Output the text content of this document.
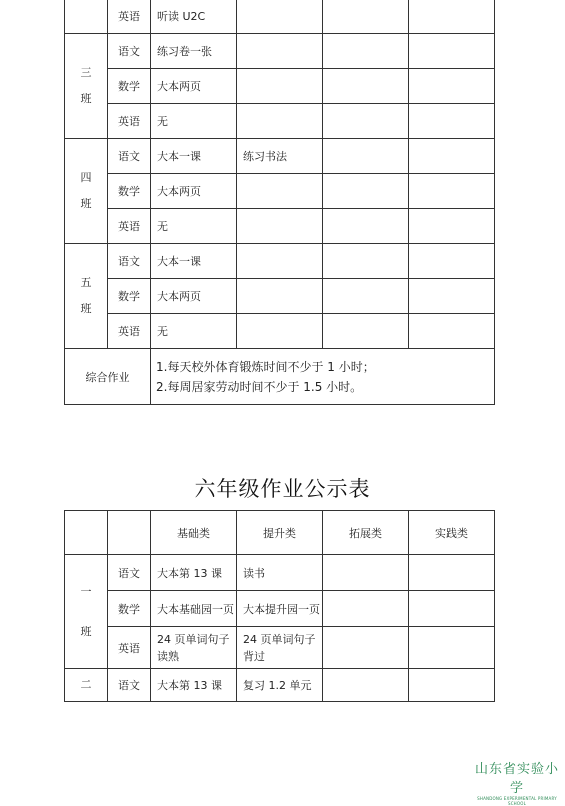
	英语	听读 U2C			
三
班	语文	练习卷一张			
	数学	大本两页			
	英语	无			
四
班	语文	大本一课	练习书法		
	数学	大本两页			
	英语	无			
五
班	语文	大本一课			
	数学	大本两页			
	英语	无			
综合作业		1.每天校外体育锻炼时间不少于 1 小时；
2.每周居家劳动时间不少于 1.5 小时。			
六年级作业公示表
		基础类	提升类	拓展类	实践类
一
班	语文	大本第 13 课	读书		
	数学	大本基础园一页	大本提升园一页		
	英语	24 页单词句子读熟	24 页单词句子背过		
二	语文	大本第 13 课	复习 1.2 单元		
山东省实验小学
SHANDONG EXPERIMENTAL PRIMARY SCHOOL
